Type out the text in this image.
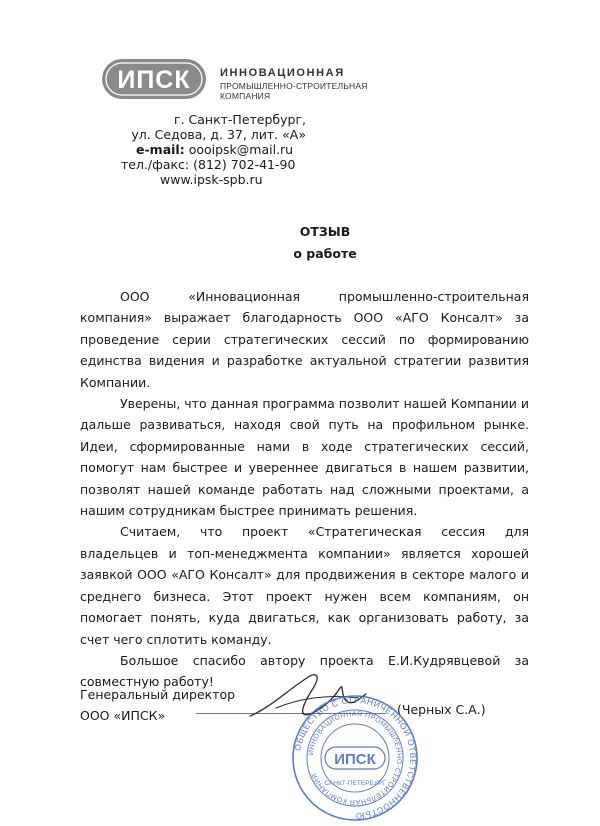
ИПСК	ИННОВАЦИОННАЯ
ПРОМЫШЛЕННО-СТРОИТЕЛЬНАЯ
КОМПАНИЯ
г. Санкт-Петербург,
ул. Седова, д. 37, лит. «А»
e-mail: oooipsk@mail.ru
тел./факс: (812) 702-41-90
www.ipsk-spb.ru
ОТЗЫВ
о работе

ООО «Инновационная промышленно-строительная компания» выражает благодарность ООО «АГО Консалт» за проведение серии стратегических сессий по формированию единства видения и разработке актуальной стратегии развития Компании.

Уверены, что данная программа позволит нашей Компании и дальше развиваться, находя свой путь на профильном рынке. Идеи, сформированные нами в ходе стратегических сессий, помогут нам быстрее и увереннее двигаться в нашем развитии, позволят нашей команде работать над сложными проектами, а нашим сотрудникам быстрее принимать решения.

Считаем, что проект «Стратегическая сессия для владельцев и топ-менеджмента компании» является хорошей заявкой ООО «АГО Консалт» для продвижения в секторе малого и среднего бизнеса. Этот проект нужен всем компаниям, он помогает понять, куда двигаться, как организовать работу, за счет чего сплотить команду.

Большое спасибо автору проекта Е.И.Кудрявцевой за совместную работу!

Генеральный директор
ООО «ИПСК»	(Черных С.А.)
ОБЩЕСТВО С ОГРАНИЧЕННОЙ ОТВЕТСТВЕННОСТЬЮ
ИННОВАЦИОННАЯ ПРОМЫШЛЕННО-СТРОИТЕЛЬНАЯ КОМПАНИЯ
ИПСК
САНКТ-ПЕТЕРБУРГ
